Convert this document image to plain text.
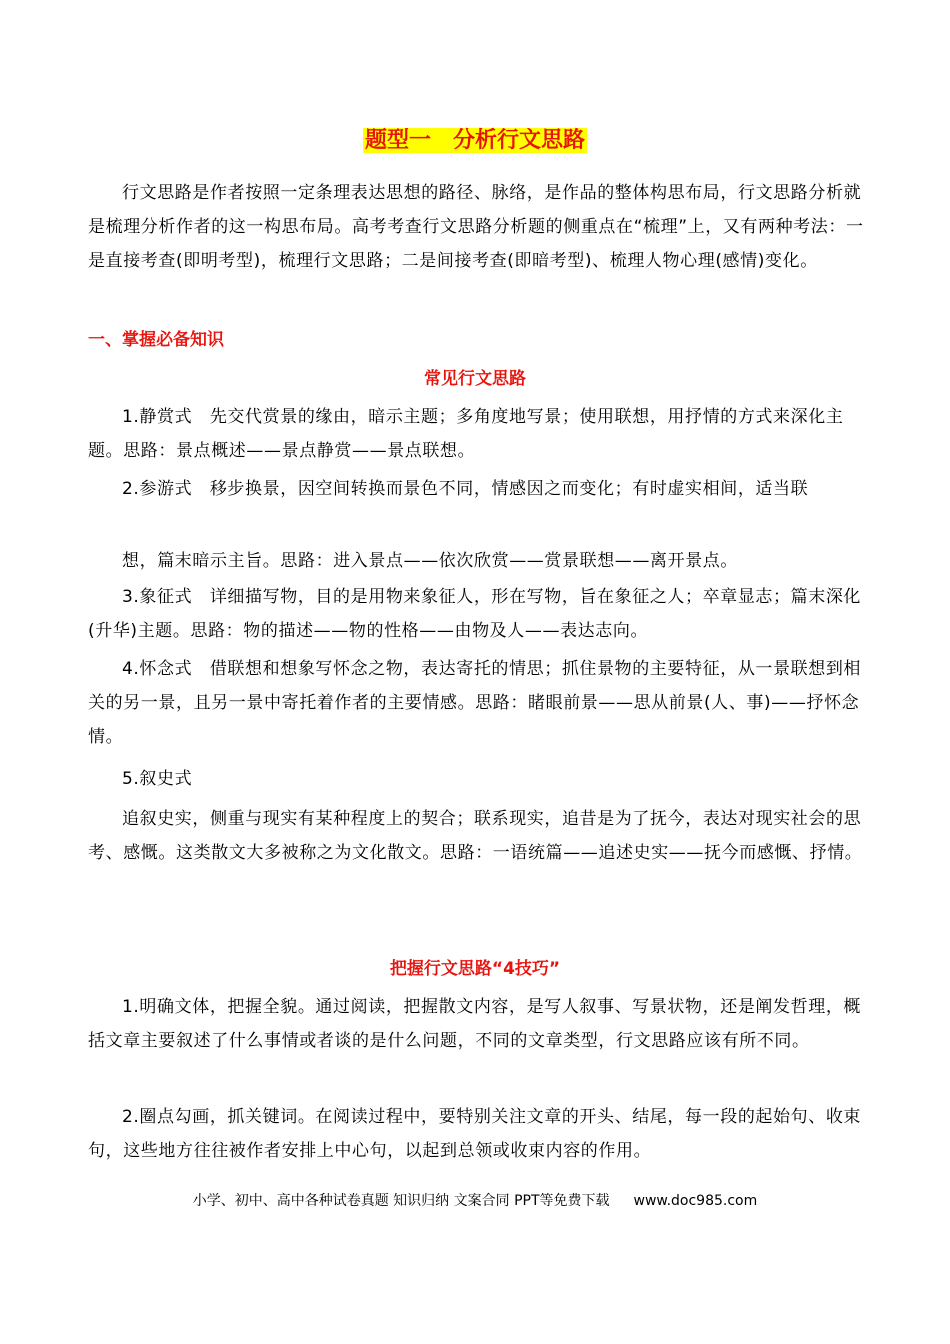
题型一　分析行文思路
行文思路是作者按照一定条理表达思想的路径、脉络，是作品的整体构思布局，行文思路分析就是梳理分析作者的这一构思布局。高考考查行文思路分析题的侧重点在“梳理”上，又有两种考法：一是直接考查(即明考型)，梳理行文思路；二是间接考查(即暗考型)、梳理人物心理(感情)变化。
一、掌握必备知识
常见行文思路
1.静赏式　先交代赏景的缘由，暗示主题；多角度地写景；使用联想，用抒情的方式来深化主题。思路：景点概述——景点静赏——景点联想。
2.参游式　移步换景，因空间转换而景色不同，情感因之而变化；有时虚实相间，适当联
想，篇末暗示主旨。思路：进入景点——依次欣赏——赏景联想——离开景点。
3.象征式　详细描写物，目的是用物来象征人，形在写物，旨在象征之人；卒章显志；篇末深化(升华)主题。思路：物的描述——物的性格——由物及人——表达志向。
4.怀念式　借联想和想象写怀念之物，表达寄托的情思；抓住景物的主要特征，从一景联想到相关的另一景，且另一景中寄托着作者的主要情感。思路：睹眼前景——思从前景(人、事)——抒怀念情。
5.叙史式
追叙史实，侧重与现实有某种程度上的契合；联系现实，追昔是为了抚今，表达对现实社会的思考、感慨。这类散文大多被称之为文化散文。思路：一语统篇——追述史实——抚今而感慨、抒情。
把握行文思路“4技巧”
1.明确文体，把握全貌。通过阅读，把握散文内容，是写人叙事、写景状物，还是阐发哲理，概括文章主要叙述了什么事情或者谈的是什么问题，不同的文章类型，行文思路应该有所不同。
2.圈点勾画，抓关键词。在阅读过程中，要特别关注文章的开头、结尾，每一段的起始句、收束句，这些地方往往被作者安排上中心句，以起到总领或收束内容的作用。
小学、初中、高中各种试卷真题 知识归纳 文案合同 PPT等免费下载 www.doc985.com
